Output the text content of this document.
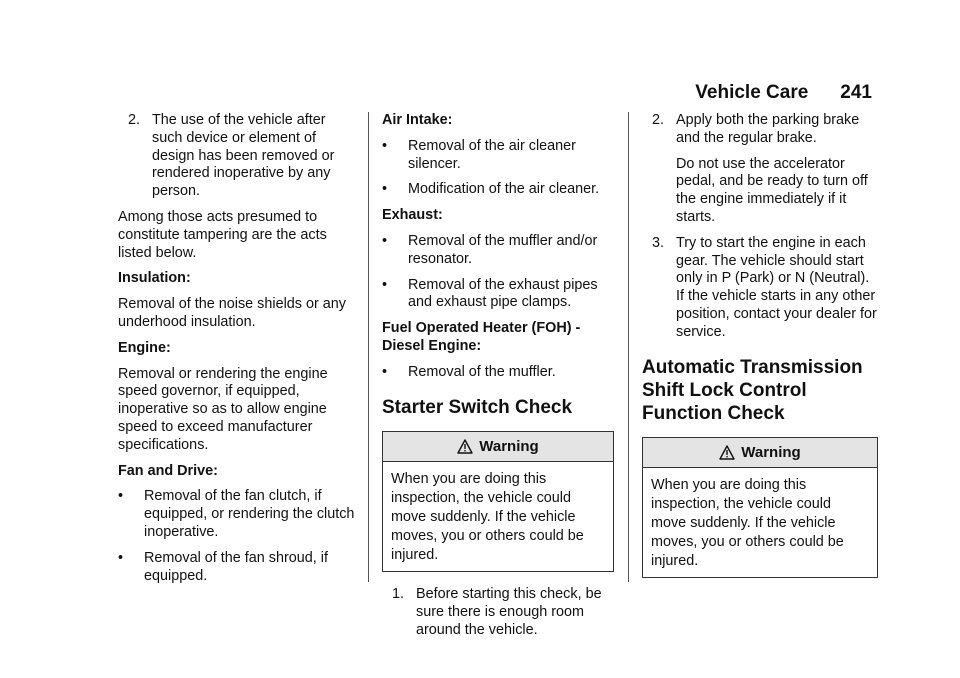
Vehicle Care 241
2. The use of the vehicle after such device or element of design has been removed or rendered inoperative by any person.

Among those acts presumed to constitute tampering are the acts listed below.

Insulation:

Removal of the noise shields or any underhood insulation.

Engine:

Removal or rendering the engine speed governor, if equipped, inoperative so as to allow engine speed to exceed manufacturer specifications.

Fan and Drive:

•	Removal of the fan clutch, if equipped, or rendering the clutch inoperative.
•	Removal of the fan shroud, if equipped.

Air Intake:

•	Removal of the air cleaner silencer.
•	Modification of the air cleaner.

Exhaust:

•	Removal of the muffler and/or resonator.
•	Removal of the exhaust pipes and exhaust pipe clamps.

Fuel Operated Heater (FOH) - Diesel Engine:

•	Removal of the muffler.
Starter Switch Check
Warning
When you are doing this inspection, the vehicle could move suddenly. If the vehicle moves, you or others could be injured.
1. Before starting this check, be sure there is enough room around the vehicle.
2. Apply both the parking brake and the regular brake.

Do not use the accelerator pedal, and be ready to turn off the engine immediately if it starts.

3. Try to start the engine in each gear. The vehicle should start only in P (Park) or N (Neutral). If the vehicle starts in any other position, contact your dealer for service.
Automatic Transmission Shift Lock Control Function Check
Warning
When you are doing this inspection, the vehicle could move suddenly. If the vehicle moves, you or others could be injured.
